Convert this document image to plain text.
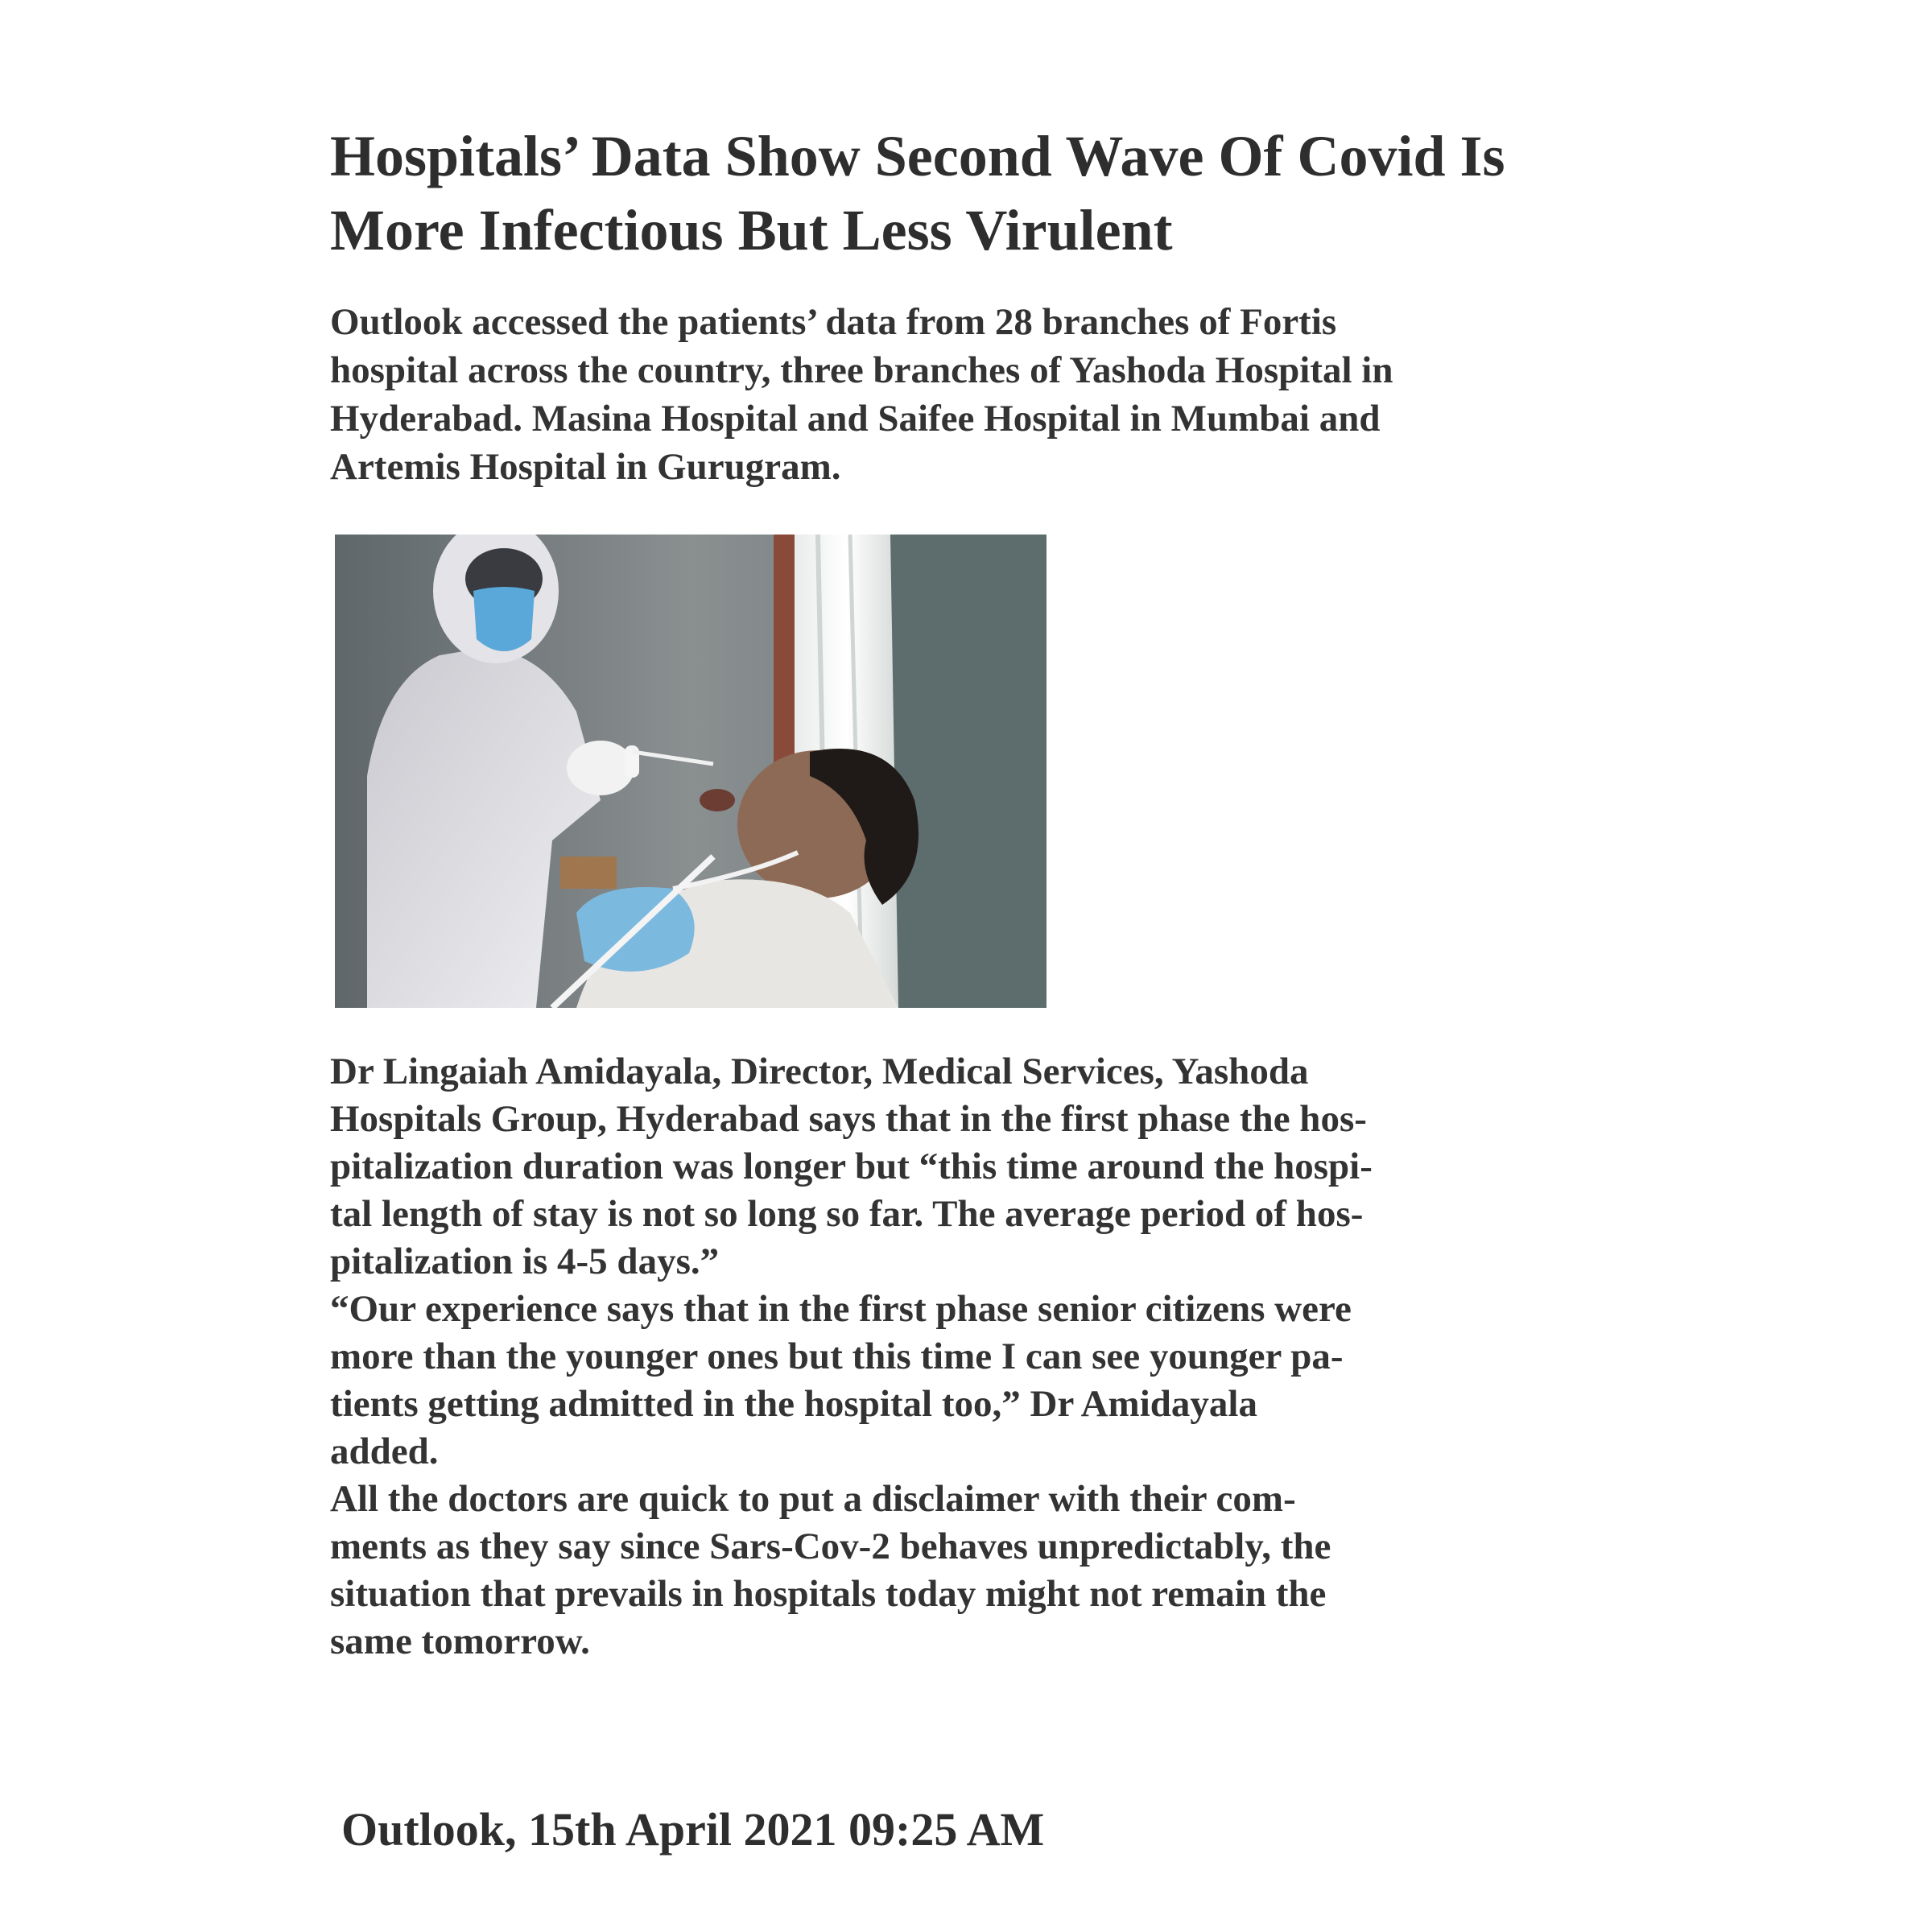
Hospitals’ Data Show Second Wave Of Covid Is More Infectious But Less Virulent

Outlook accessed the patients’ data from 28 branches of Fortis hospital across the country, three branches of Yashoda Hospital in Hyderabad. Masina Hospital and Saifee Hospital in Mumbai and Artemis Hospital in Gurugram.

Dr Lingaiah Amidayala, Director, Medical Services, Yashoda
Hospitals Group, Hyderabad says that in the first phase the hos-
pitalization duration was longer but “this time around the hospi-
tal length of stay is not so long so far. The average period of hos-
pitalization is 4-5 days.”

“Our experience says that in the first phase senior citizens were
more than the younger ones but this time I can see younger pa-
tients getting admitted in the hospital too,” Dr Amidayala
added.

All the doctors are quick to put a disclaimer with their com-
ments as they say since Sars-Cov-2 behaves unpredictably, the
situation that prevails in hospitals today might not remain the
same tomorrow.

Outlook, 15th April 2021 09:25 AM
